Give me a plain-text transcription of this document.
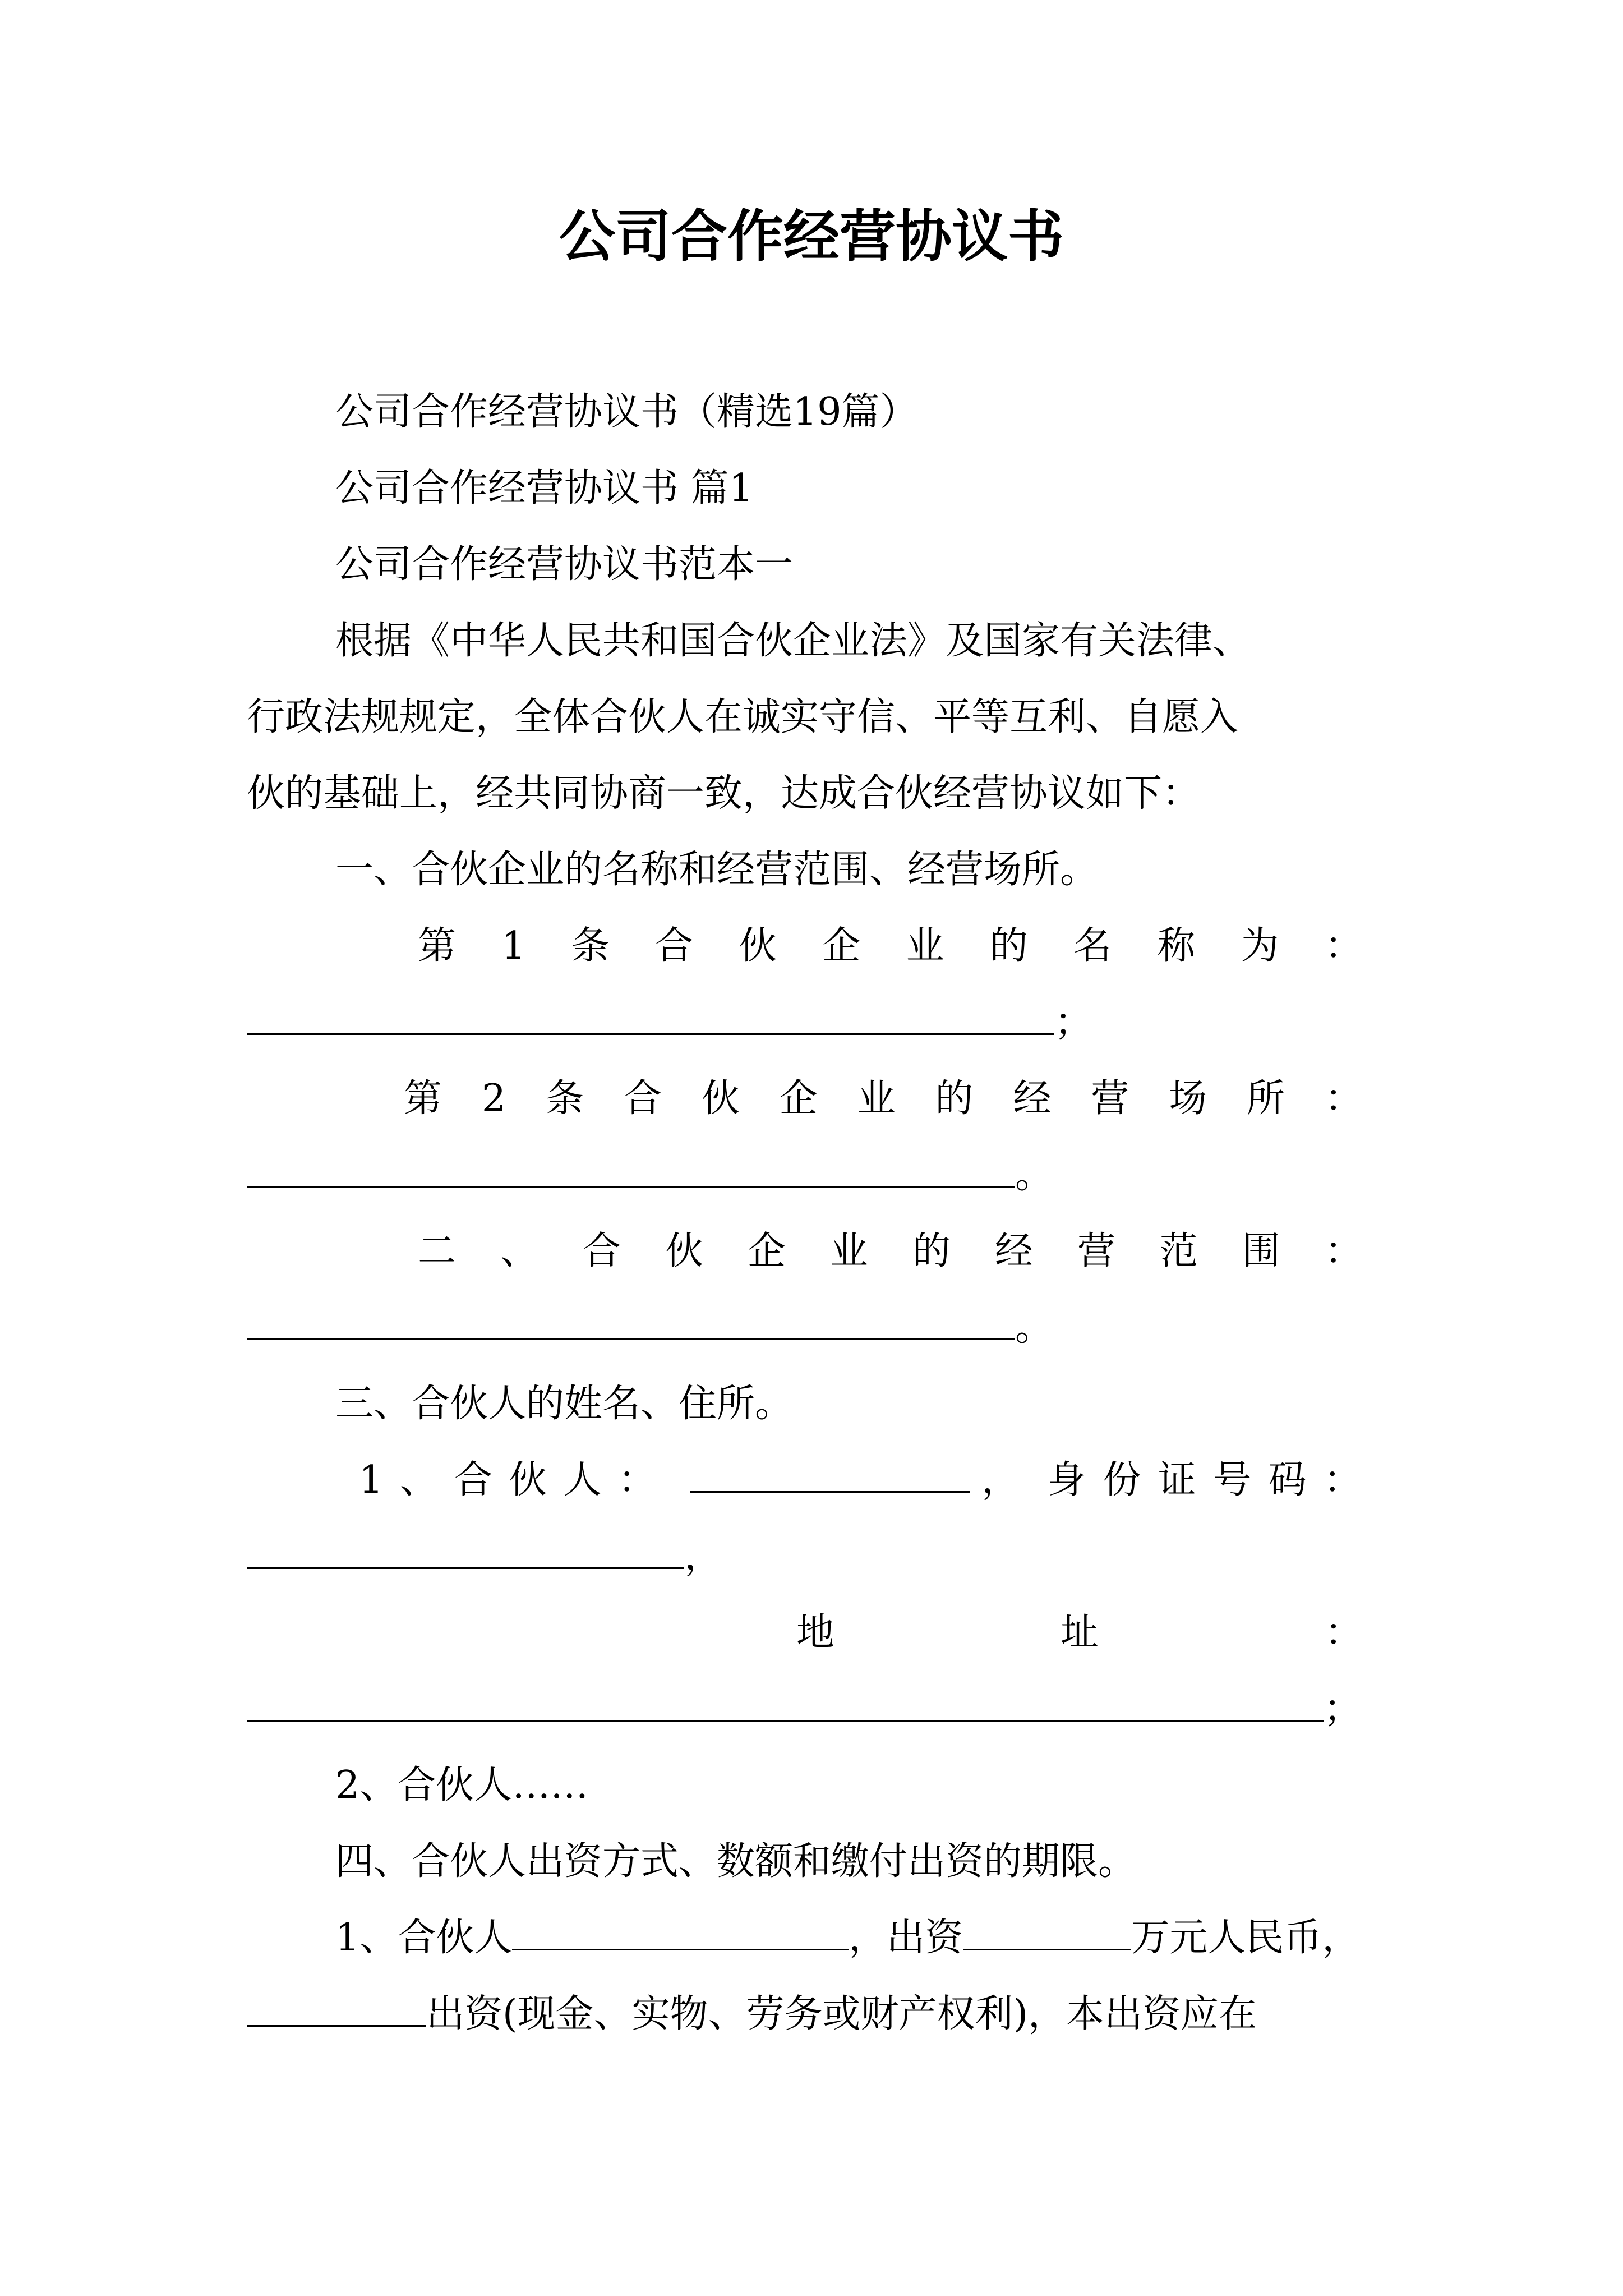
公司合作经营协议书
公司合作经营协议书（精选19篇）
公司合作经营协议书 篇1
公司合作经营协议书范本一
根据《中华人民共和国合伙企业法》及国家有关法律、
行政法规规定，全体合伙人在诚实守信、平等互利、自愿入
伙的基础上，经共同协商一致，达成合伙经营协议如下：
一、合伙企业的名称和经营范围、经营场所。
第 1 条 合 伙 企 业 的 名 称 为 ：
；
第 2 条 合 伙 企 业 的 经 营 场 所 ：
。
二 、 合 伙 企 业 的 经 营 范 围 ：
。
三、合伙人的姓名、住所。
1 、 合 伙 人 ：	， 身 份 证 号 码 ：
，
地	址	：
；
2、合伙人……
四、合伙人出资方式、数额和缴付出资的期限。
1、合伙人	，出资	万元人民币，
出资(现金、实物、劳务或财产权利)，本出资应在
